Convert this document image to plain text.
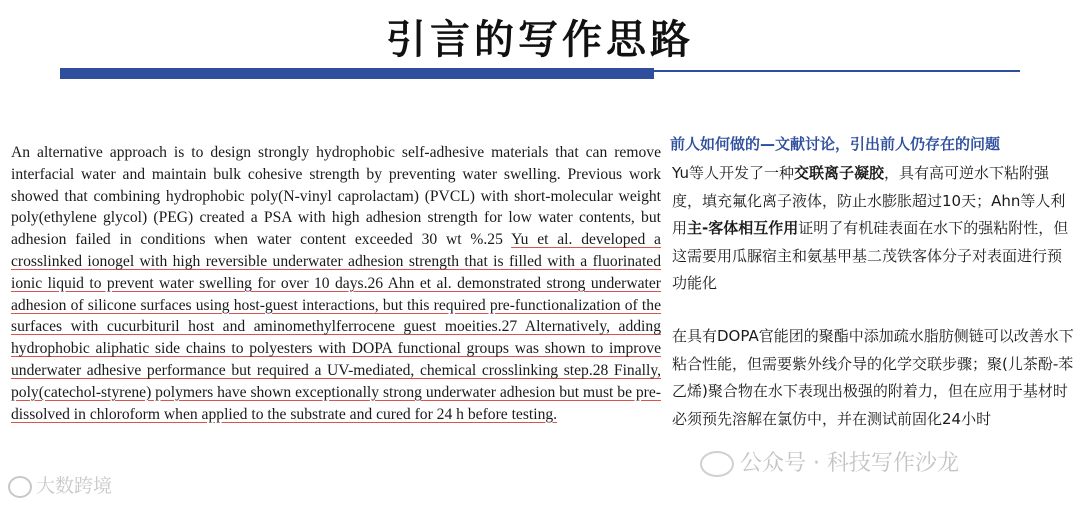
引言的写作思路
An alternative approach is to design strongly hydrophobic self-adhesive materials that can remove interfacial water and maintain bulk cohesive strength by preventing water swelling. Previous work showed that combining hydrophobic poly(N-vinyl caprolactam) (PVCL) with short-molecular weight poly(ethylene glycol) (PEG) created a PSA with high adhesion strength for low water contents, but adhesion failed in conditions when water content exceeded 30 wt %.25 Yu et al. developed a crosslinked ionogel with high reversible underwater adhesion strength that is filled with a fluorinated ionic liquid to prevent water swelling for over 10 days.26 Ahn et al. demonstrated strong underwater adhesion of silicone surfaces using host-guest interactions, but this required pre-functionalization of the surfaces with cucurbituril host and aminomethylferrocene guest moeities.27 Alternatively, adding hydrophobic aliphatic side chains to polyesters with DOPA functional groups was shown to improve underwater adhesive performance but required a UV-mediated, chemical crosslinking step.28 Finally, poly(catechol-styrene) polymers have shown exceptionally strong underwater adhesion but must be pre-dissolved in chloroform when applied to the substrate and cured for 24 h before testing.
前人如何做的—文献讨论，引出前人仍存在的问题
Yu等人开发了一种交联离子凝胶，具有高可逆水下粘附强度，填充氟化离子液体，防止水膨胀超过10天；Ahn等人利用主-客体相互作用证明了有机硅表面在水下的强粘附性，但这需要用瓜脲宿主和氨基甲基二茂铁客体分子对表面进行预功能化
在具有DOPA官能团的聚酯中添加疏水脂肪侧链可以改善水下粘合性能，但需要紫外线介导的化学交联步骤；聚(儿茶酚-苯乙烯)聚合物在水下表现出极强的附着力，但在应用于基材时必须预先溶解在氯仿中，并在测试前固化24小时
大数跨境
公众号 · 科技写作沙龙
